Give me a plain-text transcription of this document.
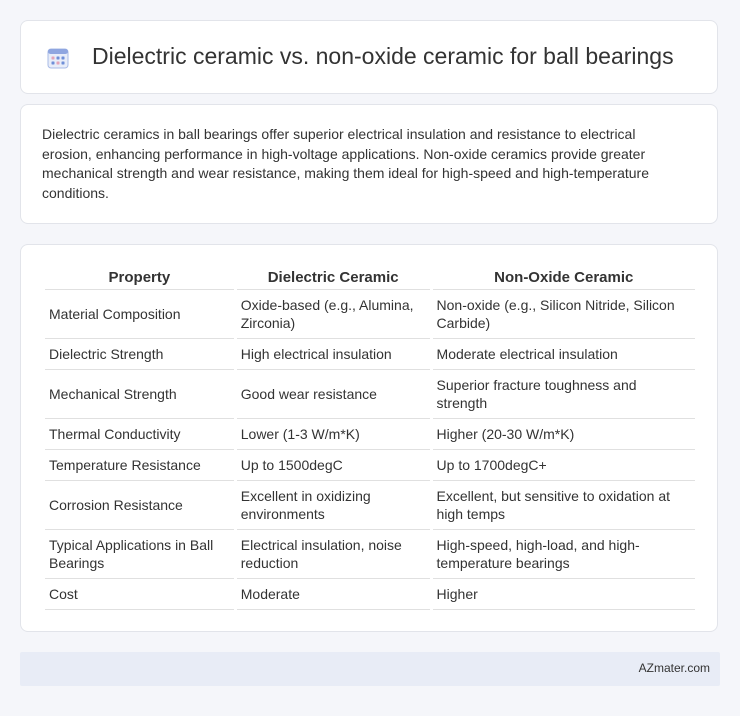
Dielectric ceramic vs. non-oxide ceramic for ball bearings

Dielectric ceramics in ball bearings offer superior electrical insulation and resistance to electrical erosion, enhancing performance in high-voltage applications. Non-oxide ceramics provide greater mechanical strength and wear resistance, making them ideal for high-speed and high-temperature conditions.

Property	Dielectric Ceramic	Non-Oxide Ceramic
Material Composition	Oxide-based (e.g., Alumina, Zirconia)	Non-oxide (e.g., Silicon Nitride, Silicon Carbide)
Dielectric Strength	High electrical insulation	Moderate electrical insulation
Mechanical Strength	Good wear resistance	Superior fracture toughness and strength
Thermal Conductivity	Lower (1-3 W/m*K)	Higher (20-30 W/m*K)
Temperature Resistance	Up to 1500degC	Up to 1700degC+
Corrosion Resistance	Excellent in oxidizing environments	Excellent, but sensitive to oxidation at high temps
Typical Applications in Ball Bearings	Electrical insulation, noise reduction	High-speed, high-load, and high-temperature bearings
Cost	Moderate	Higher
AZmater.com
